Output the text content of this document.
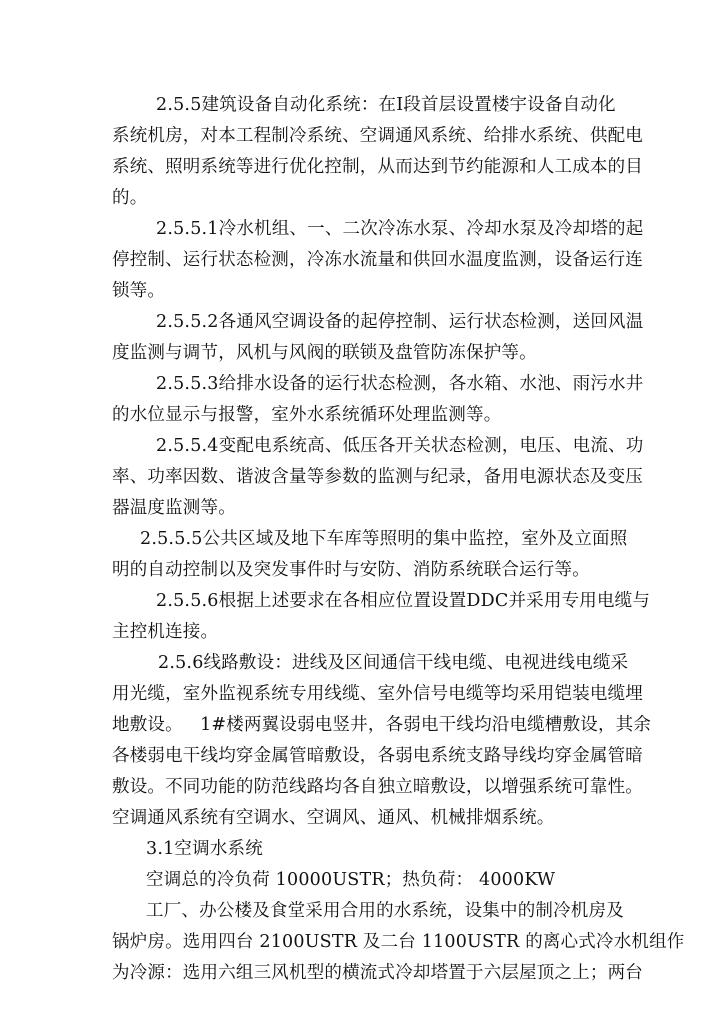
2.5.5建筑设备自动化系统：在Ⅰ段首层设置楼宇设备自动化
系统机房，对本工程制冷系统、空调通风系统、给排水系统、供配电
系统、照明系统等进行优化控制，从而达到节约能源和人工成本的目
的。
2.5.5.1冷水机组、一、二次冷冻水泵、冷却水泵及冷却塔的起
停控制、运行状态检测，冷冻水流量和供回水温度监测，设备运行连
锁等。
2.5.5.2各通风空调设备的起停控制、运行状态检测，送回风温
度监测与调节，风机与风阀的联锁及盘管防冻保护等。
2.5.5.3给排水设备的运行状态检测，各水箱、水池、雨污水井
的水位显示与报警，室外水系统循环处理监测等。
2.5.5.4变配电系统高、低压各开关状态检测，电压、电流、功
率、功率因数、谐波含量等参数的监测与纪录，备用电源状态及变压
器温度监测等。
2.5.5.5公共区域及地下车库等照明的集中监控，室外及立面照
明的自动控制以及突发事件时与安防、消防系统联合运行等。
2.5.5.6根据上述要求在各相应位置设置DDC并采用专用电缆与
主控机连接。
2.5.6线路敷设：进线及区间通信干线电缆、电视进线电缆采
用光缆，室外监视系统专用线缆、室外信号电缆等均采用铠装电缆埋
地敷设。   1#楼两翼设弱电竖井，各弱电干线均沿电缆槽敷设，其余
各楼弱电干线均穿金属管暗敷设，各弱电系统支路导线均穿金属管暗
敷设。不同功能的防范线路均各自独立暗敷设，以增强系统可靠性。
空调通风系统有空调水、空调风、通风、机械排烟系统。
3.1空调水系统
空调总的冷负荷 10000USTR；热负荷： 4000KW
工厂、办公楼及食堂采用合用的水系统，设集中的制冷机房及
锅炉房。选用四台 2100USTR 及二台 1100USTR 的离心式冷水机组作
为冷源：选用六组三风机型的横流式冷却塔置于六层屋顶之上；两台
